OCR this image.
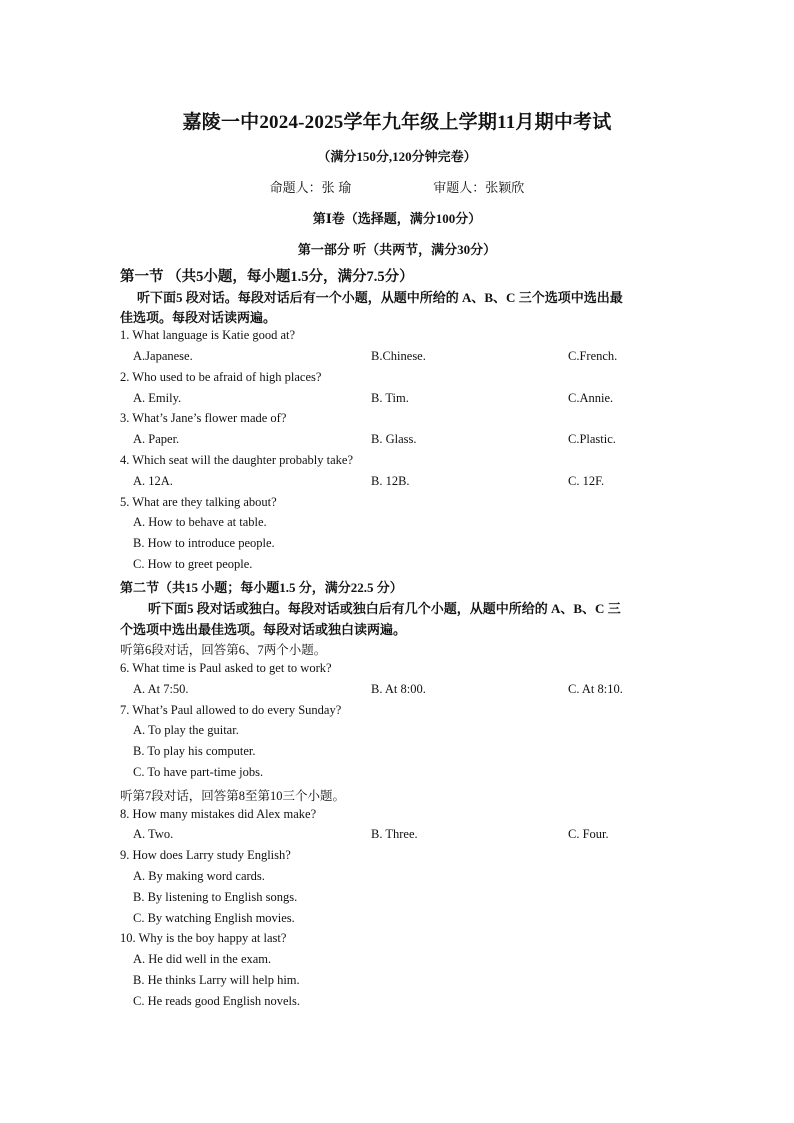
嘉陵一中2024-2025学年九年级上学期11月期中考试
（满分150分,120分钟完卷）
命题人：张 瑜	审题人：张颖欣
第Ⅰ卷（选择题，满分100分）
第一部分 听（共两节，满分30分）
第一节 （共5小题，每小题1.5分，满分7.5分）
听下面5 段对话。每段对话后有一个小题，从题中所给的 A、B、C 三个选项中选出最
佳选项。每段对话读两遍。
1. What language is Katie good at?
A.Japanese.	B.Chinese.	C.French.
2. Who used to be afraid of high places?
A. Emily.	B. Tim.	C.Annie.
3. What’s Jane’s flower made of?
A. Paper.	B. Glass.	C.Plastic.
4. Which seat will the daughter probably take?
A. 12A.	B. 12B.	C. 12F.
5. What are they talking about?
A. How to behave at table.
B. How to introduce people.
C. How to greet people.
第二节（共15 小题；每小题1.5 分，满分22.5 分）
听下面5 段对话或独白。每段对话或独白后有几个小题，从题中所给的 A、B、C 三
个选项中选出最佳选项。每段对话或独白读两遍。
听第6段对话，回答第6、7两个小题。
6. What time is Paul asked to get to work?
A. At 7:50.	B. At 8:00.	C. At 8:10.
7. What’s Paul allowed to do every Sunday?
A. To play the guitar.
B. To play his computer.
C. To have part-time jobs.
听第7段对话，回答第8至第10三个小题。
8. How many mistakes did Alex make?
A. Two.	B. Three.	C. Four.
9. How does Larry study English?
A. By making word cards.
B. By listening to English songs.
C. By watching English movies.
10. Why is the boy happy at last?
A. He did well in the exam.
B. He thinks Larry will help him.
C. He reads good English novels.
